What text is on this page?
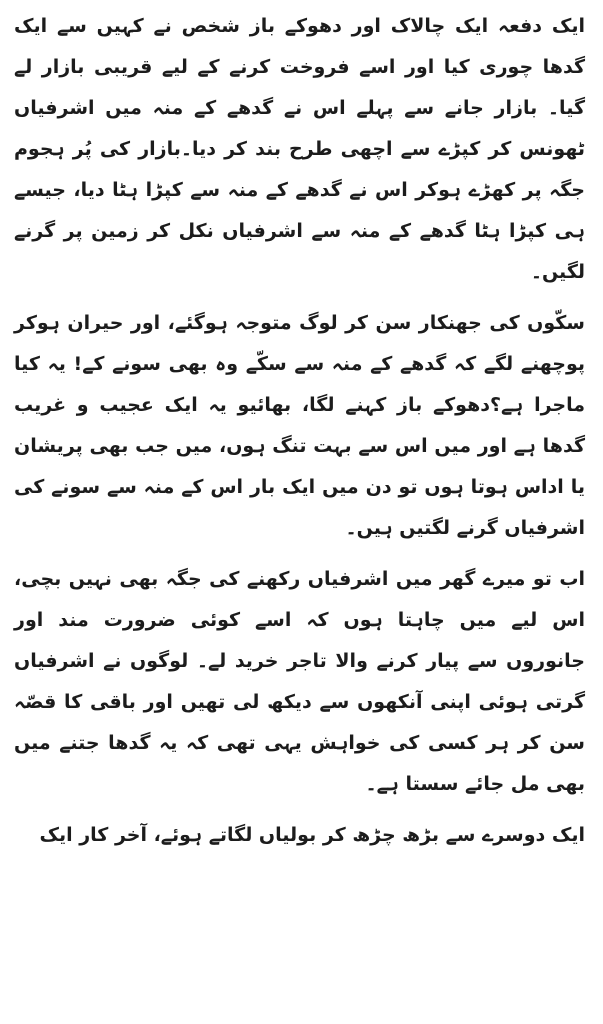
ایک دفعہ ایک چالاک اور دھوکے باز شخص نے کہیں سے ایک گدھا چوری کیا اور اسے فروخت کرنے کے لیے قریبی بازار لے گیا۔ بازار جانے سے پہلے اس نے گدھے کے منہ میں اشرفیاں ٹھونس کر کپڑے سے اچھی طرح بند کر دیا۔بازار کی پُر ہجوم جگہ پر کھڑے ہوکر اس نے گدھے کے منہ سے کپڑا ہٹا دیا، جیسے ہی کپڑا ہٹا گدھے کے منہ سے اشرفیاں نکل کر زمین پر گرنے لگیں۔

سکّوں کی جھنکار سن کر لوگ متوجہ ہوگئے، اور حیران ہوکر پوچھنے لگے کہ گدھے کے منہ سے سکّے وہ بھی سونے کے! یہ کیا ماجرا ہے؟دھوکے باز کہنے لگا، بھائیو یہ ایک عجیب و غریب گدھا ہے اور میں اس سے بہت تنگ ہوں، میں جب بھی پریشان یا اداس ہوتا ہوں تو دن میں ایک بار اس کے منہ سے سونے کی اشرفیاں گرنے لگتیں ہیں۔

اب تو میرے گھر میں اشرفیاں رکھنے کی جگہ بھی نہیں بچی، اس لیے میں چاہتا ہوں کہ اسے کوئی ضرورت مند اور جانوروں سے پیار کرنے والا تاجر خرید لے۔ لوگوں نے اشرفیاں گرتی ہوئی اپنی آنکھوں سے دیکھ لی تھیں اور باقی کا قصّہ سن کر ہر کسی کی خواہش یہی تھی کہ یہ گدھا جتنے میں بھی مل جائے سستا ہے۔

ایک دوسرے سے بڑھ چڑھ کر بولیاں لگاتے ہوئے، آخر کار ایک
